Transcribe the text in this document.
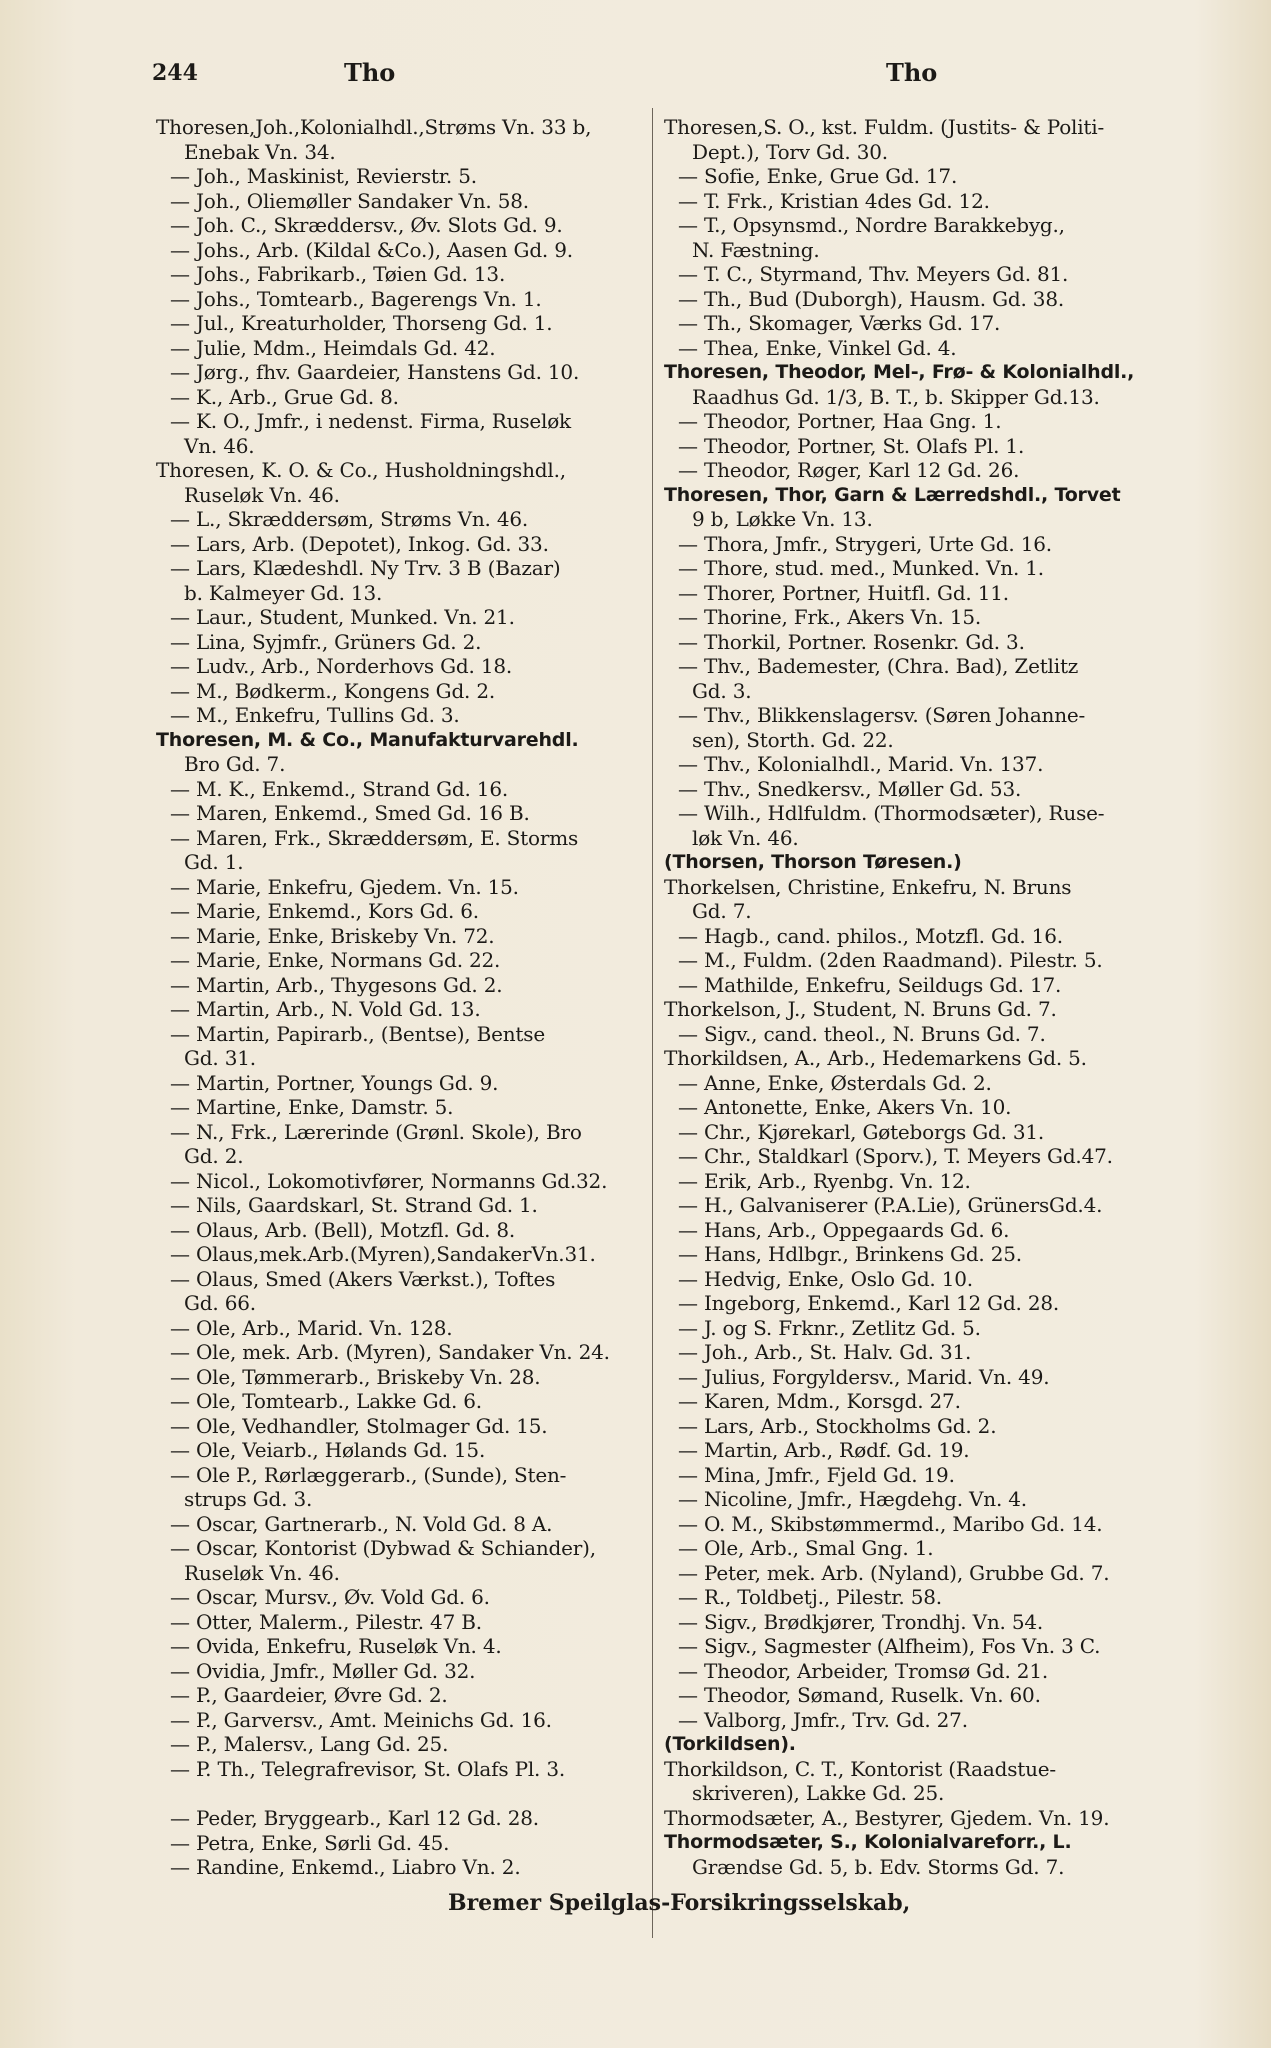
244	Tho	Tho
Thoresen,Joh.,Kolonialhdl.,Strøms Vn. 33 b,
Enebak Vn. 34.
— Joh., Maskinist, Revierstr. 5.
— Joh., Oliemøller Sandaker Vn. 58.
— Joh. C., Skræddersv., Øv. Slots Gd. 9.
— Johs., Arb. (Kildal &Co.), Aasen Gd. 9.
— Johs., Fabrikarb., Tøien Gd. 13.
— Johs., Tomtearb., Bagerengs Vn. 1.
— Jul., Kreaturholder, Thorseng Gd. 1.
— Julie, Mdm., Heimdals Gd. 42.
— Jørg., fhv. Gaardeier, Hanstens Gd. 10.
— K., Arb., Grue Gd. 8.
— K. O., Jmfr., i nedenst. Firma, Ruseløk
Vn. 46.
Thoresen, K. O. & Co., Husholdningshdl.,
Ruseløk Vn. 46.
— L., Skræddersøm, Strøms Vn. 46.
— Lars, Arb. (Depotet), Inkog. Gd. 33.
— Lars, Klædeshdl. Ny Trv. 3 B (Bazar)
b. Kalmeyer Gd. 13.
— Laur., Student, Munked. Vn. 21.
— Lina, Syjmfr., Grüners Gd. 2.
— Ludv., Arb., Norderhovs Gd. 18.
— M., Bødkerm., Kongens Gd. 2.
— M., Enkefru, Tullins Gd. 3.
Thoresen, M. & Co., Manufakturvarehdl.
Bro Gd. 7.
— M. K., Enkemd., Strand Gd. 16.
— Maren, Enkemd., Smed Gd. 16 B.
— Maren, Frk., Skræddersøm, E. Storms
Gd. 1.
— Marie, Enkefru, Gjedem. Vn. 15.
— Marie, Enkemd., Kors Gd. 6.
— Marie, Enke, Briskeby Vn. 72.
— Marie, Enke, Normans Gd. 22.
— Martin, Arb., Thygesons Gd. 2.
— Martin, Arb., N. Vold Gd. 13.
— Martin, Papirarb., (Bentse), Bentse
Gd. 31.
— Martin, Portner, Youngs Gd. 9.
— Martine, Enke, Damstr. 5.
— N., Frk., Lærerinde (Grønl. Skole), Bro
Gd. 2.
— Nicol., Lokomotivfører, Normanns Gd.32.
— Nils, Gaardskarl, St. Strand Gd. 1.
— Olaus, Arb. (Bell), Motzfl. Gd. 8.
— Olaus,mek.Arb.(Myren),SandakerVn.31.
— Olaus, Smed (Akers Værkst.), Toftes
Gd. 66.
— Ole, Arb., Marid. Vn. 128.
— Ole, mek. Arb. (Myren), Sandaker Vn. 24.
— Ole, Tømmerarb., Briskeby Vn. 28.
— Ole, Tomtearb., Lakke Gd. 6.
— Ole, Vedhandler, Stolmager Gd. 15.
— Ole, Veiarb., Hølands Gd. 15.
— Ole P., Rørlæggerarb., (Sunde), Sten-
strups Gd. 3.
— Oscar, Gartnerarb., N. Vold Gd. 8 A.
— Oscar, Kontorist (Dybwad & Schiander),
Ruseløk Vn. 46.
— Oscar, Mursv., Øv. Vold Gd. 6.
— Otter, Malerm., Pilestr. 47 B.
— Ovida, Enkefru, Ruseløk Vn. 4.
— Ovidia, Jmfr., Møller Gd. 32.
— P., Gaardeier, Øvre Gd. 2.
— P., Garversv., Amt. Meinichs Gd. 16.
— P., Malersv., Lang Gd. 25.
— P. Th., Telegrafrevisor, St. Olafs Pl. 3.
— Peder, Bryggearb., Karl 12 Gd. 28.
— Petra, Enke, Sørli Gd. 45.
— Randine, Enkemd., Liabro Vn. 2.
Thoresen,S. O., kst. Fuldm. (Justits- & Politi-
Dept.), Torv Gd. 30.
— Sofie, Enke, Grue Gd. 17.
— T. Frk., Kristian 4des Gd. 12.
— T., Opsynsmd., Nordre Barakkebyg.,
N. Fæstning.
— T. C., Styrmand, Thv. Meyers Gd. 81.
— Th., Bud (Duborgh), Hausm. Gd. 38.
— Th., Skomager, Værks Gd. 17.
— Thea, Enke, Vinkel Gd. 4.
Thoresen, Theodor, Mel-, Frø- & Kolonialhdl.,
Raadhus Gd. 1/3, B. T., b. Skipper Gd.13.
— Theodor, Portner, Haa Gng. 1.
— Theodor, Portner, St. Olafs Pl. 1.
— Theodor, Røger, Karl 12 Gd. 26.
Thoresen, Thor, Garn & Lærredshdl., Torvet
9 b, Løkke Vn. 13.
— Thora, Jmfr., Strygeri, Urte Gd. 16.
— Thore, stud. med., Munked. Vn. 1.
— Thorer, Portner, Huitfl. Gd. 11.
— Thorine, Frk., Akers Vn. 15.
— Thorkil, Portner. Rosenkr. Gd. 3.
— Thv., Bademester, (Chra. Bad), Zetlitz
Gd. 3.
— Thv., Blikkenslagersv. (Søren Johanne-
sen), Storth. Gd. 22.
— Thv., Kolonialhdl., Marid. Vn. 137.
— Thv., Snedkersv., Møller Gd. 53.
— Wilh., Hdlfuldm. (Thormodsæter), Ruse-
løk Vn. 46.
(Thorsen, Thorson Tøresen.)
Thorkelsen, Christine, Enkefru, N. Bruns
Gd. 7.
— Hagb., cand. philos., Motzfl. Gd. 16.
— M., Fuldm. (2den Raadmand). Pilestr. 5.
— Mathilde, Enkefru, Seildugs Gd. 17.
Thorkelson, J., Student, N. Bruns Gd. 7.
— Sigv., cand. theol., N. Bruns Gd. 7.
Thorkildsen, A., Arb., Hedemarkens Gd. 5.
— Anne, Enke, Østerdals Gd. 2.
— Antonette, Enke, Akers Vn. 10.
— Chr., Kjørekarl, Gøteborgs Gd. 31.
— Chr., Staldkarl (Sporv.), T. Meyers Gd.47.
— Erik, Arb., Ryenbg. Vn. 12.
— H., Galvaniserer (P.A.Lie), GrünersGd.4.
— Hans, Arb., Oppegaards Gd. 6.
— Hans, Hdlbgr., Brinkens Gd. 25.
— Hedvig, Enke, Oslo Gd. 10.
— Ingeborg, Enkemd., Karl 12 Gd. 28.
— J. og S. Frknr., Zetlitz Gd. 5.
— Joh., Arb., St. Halv. Gd. 31.
— Julius, Forgyldersv., Marid. Vn. 49.
— Karen, Mdm., Korsgd. 27.
— Lars, Arb., Stockholms Gd. 2.
— Martin, Arb., Rødf. Gd. 19.
— Mina, Jmfr., Fjeld Gd. 19.
— Nicoline, Jmfr., Hægdehg. Vn. 4.
— O. M., Skibstømmermd., Maribo Gd. 14.
— Ole, Arb., Smal Gng. 1.
— Peter, mek. Arb. (Nyland), Grubbe Gd. 7.
— R., Toldbetj., Pilestr. 58.
— Sigv., Brødkjører, Trondhj. Vn. 54.
— Sigv., Sagmester (Alfheim), Fos Vn. 3 C.
— Theodor, Arbeider, Tromsø Gd. 21.
— Theodor, Sømand, Ruselk. Vn. 60.
— Valborg, Jmfr., Trv. Gd. 27.
(Torkildsen).
Thorkildson, C. T., Kontorist (Raadstue-
skriveren), Lakke Gd. 25.
Thormodsæter, A., Bestyrer, Gjedem. Vn. 19.
Thormodsæter, S., Kolonialvareforr., L.
Grændse Gd. 5, b. Edv. Storms Gd. 7.
Bremer Speilglas-Forsikringsselskab,
